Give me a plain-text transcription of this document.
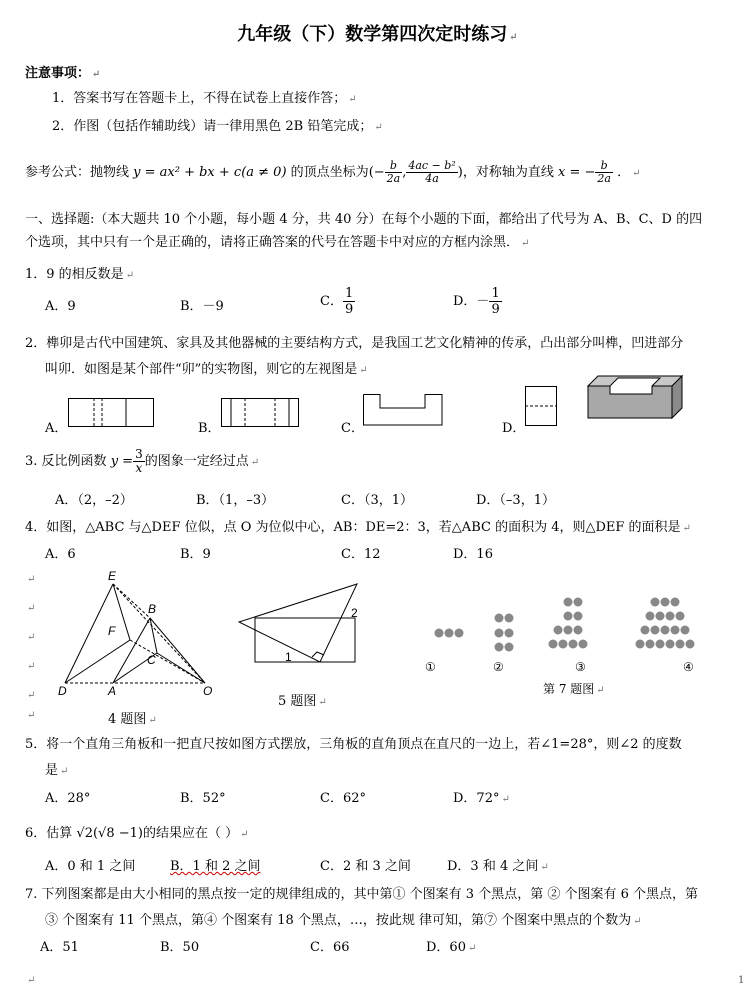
九年级（下）数学第四次定时练习 ↵
注意事项： ↵
1．答案书写在答题卡上，不得在试卷上直接作答； ↵
2．作图（包括作辅助线）请一律用黑色 2B 铅笔完成； ↵
参考公式：抛物线 y = ax² + bx + c(a ≠ 0) 的顶点坐标为(− $\frac{b}{2a}$ , $\frac{\text{4ac − b²}}{4a}$ )，对称轴为直线 x = − $\frac{b}{2a}$ ． ↵
一、选择题:（本大题共 10 个小题，每小题 4 分，共 40 分）在每个小题的下面，都给出了代号为 A、B、C、D 的四
个选项，其中只有一个是正确的，请将正确答案的代号在答题卡中对应的方框内涂黑． ↵
1．9 的相反数是 ↵
A．9	B．－9	C． $\frac{1}{9}$	D．－ $\frac{1}{9}$
2．榫卯是古代中国建筑、家具及其他器械的主要结构方式，是我国工艺文化精神的传承，凸出部分叫榫，凹进部分
叫卯．如图是某个部件“卯”的实物图，则它的左视图是 ↵
A．	B．	C．	D．
3. 反比例函数 $y = \frac{3}{x}$ 的图象一定经过点 ↵
A．（2，–2）	B．（1，–3）	C．（3，1）	D．（–3，1）
4．如图，△ABC 与△DEF 位似，点 O 为位似中心，AB：DE=2：3，若△ABC 的面积为 4，则△DEF 的面积是 ↵
A．6	B．9	C．12	D．16
↵
↵
↵
↵
↵
↵
E
B
F
C
D	A	O
4 题图 ↵
1
2
5 题图 ↵
①	②	③	④
第 7 题图 ↵
5．将一个直角三角板和一把直尺按如图方式摆放，三角板的直角顶点在直尺的一边上，若∠1=28°，则∠2 的度数
是 ↵
A．28°	B．52°	C．62°	D．72° ↵
6．估算 √2(√8 −1)的结果应在（ ） ↵
A．0 和 1 之间	B．1 和 2 之间	C．2 和 3 之间	D．3 和 4 之间 ↵
7. 下列图案都是由大小相同的黑点按一定的规律组成的，其中第① 个图案有 3 个黑点，第 ② 个图案有 6 个黑点，第
③ 个图案有 11 个黑点，第④ 个图案有 18 个黑点，…，按此规 律可知，第⑦ 个图案中黑点的个数为 ↵
A．51	B．50	C．66	D．60 ↵
↵	1
